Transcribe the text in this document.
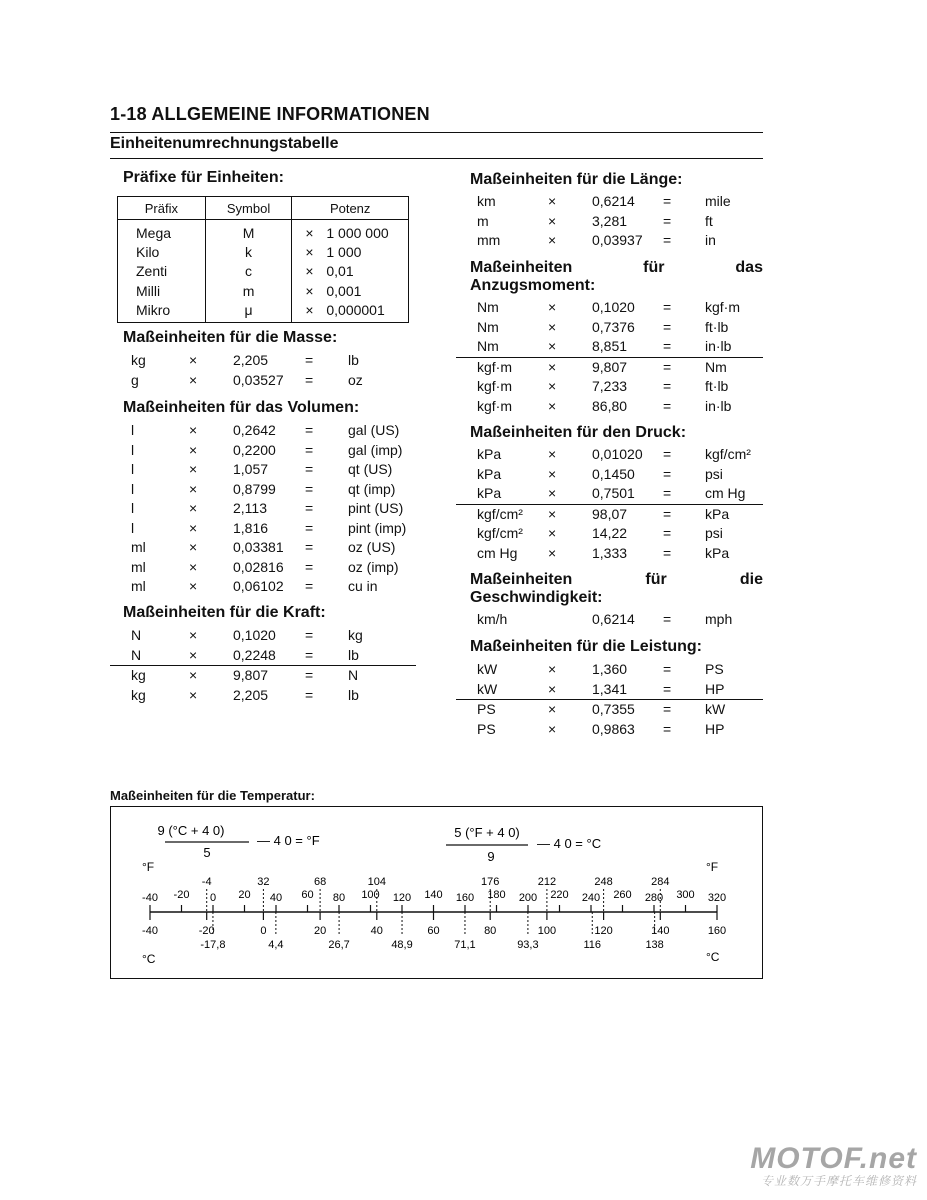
1-18 ALLGEMEINE INFORMATIONEN
Einheitenumrechnungstabelle
Präfixe für Einheiten:
Präfix	Symbol	Potenz
Mega	M	× 1 000 000
Kilo	k	× 1 000
Zenti	c	× 0,01
Milli	m	× 0,001
Mikro	μ	× 0,000001
Maßeinheiten für die Masse:
kg	×	2,205	=	lb
g	×	0,03527	=	oz
Maßeinheiten für das Volumen:
l	×	0,2642	=	gal (US)
l	×	0,2200	=	gal (imp)
l	×	1,057	=	qt (US)
l	×	0,8799	=	qt (imp)
l	×	2,113	=	pint (US)
l	×	1,816	=	pint (imp)
ml	×	0,03381	=	oz (US)
ml	×	0,02816	=	oz (imp)
ml	×	0,06102	=	cu in
Maßeinheiten für die Kraft:
	N	×	0,1020	=	kg
	N	×	0,2248	=	lb
	kg	×	9,807	=	N
	kg	×	2,205	=	lb
Maßeinheiten für die Länge:
	km	×	0,6214	=	mile
	m	×	3,281	=	ft
	mm	×	0,03937	=	in
Maßeinheiten	für	das
Anzugsmoment:
	Nm	×	0,1020	=	kgf·m
	Nm	×	0,7376	=	ft·lb
	Nm	×	8,851	=	in·lb
	kgf·m	×	9,807	=	Nm
	kgf·m	×	7,233	=	ft·lb
	kgf·m	×	86,80	=	in·lb
Maßeinheiten für den Druck:
	kPa	×	0,01020	=	kgf/cm²
	kPa	×	0,1450	=	psi
	kPa	×	0,7501	=	cm Hg
	kgf/cm²	×	98,07	=	kPa
	kgf/cm²	×	14,22	=	psi
	cm Hg	×	1,333	=	kPa
Maßeinheiten	für	die
Geschwindigkeit:
	km/h		0,6214	=	mph
Maßeinheiten für die Leistung:
	kW	×	1,360	=	PS
	kW	×	1,341	=	HP
	PS	×	0,7355	=	kW
	PS	×	0,9863	=	HP
Maßeinheiten für die Temperatur:
9 (°C + 4 0)
5
— 4 0 = °F
5 (°F + 4 0)
9
— 4 0 = °C
°F	°F
°C	°C
-40 -20 0 20 40 60 80 100 120 140 160 180 200 220 240 260 280 300 320
-4	32	68	104	176	212	248	284
-40	-20	0	20	40	60	80	100	120	140	160
-17,8	4,4	26,7	48,9	71,1	93,3	116	138
MOTOF.net
专业数万手摩托车维修资料
